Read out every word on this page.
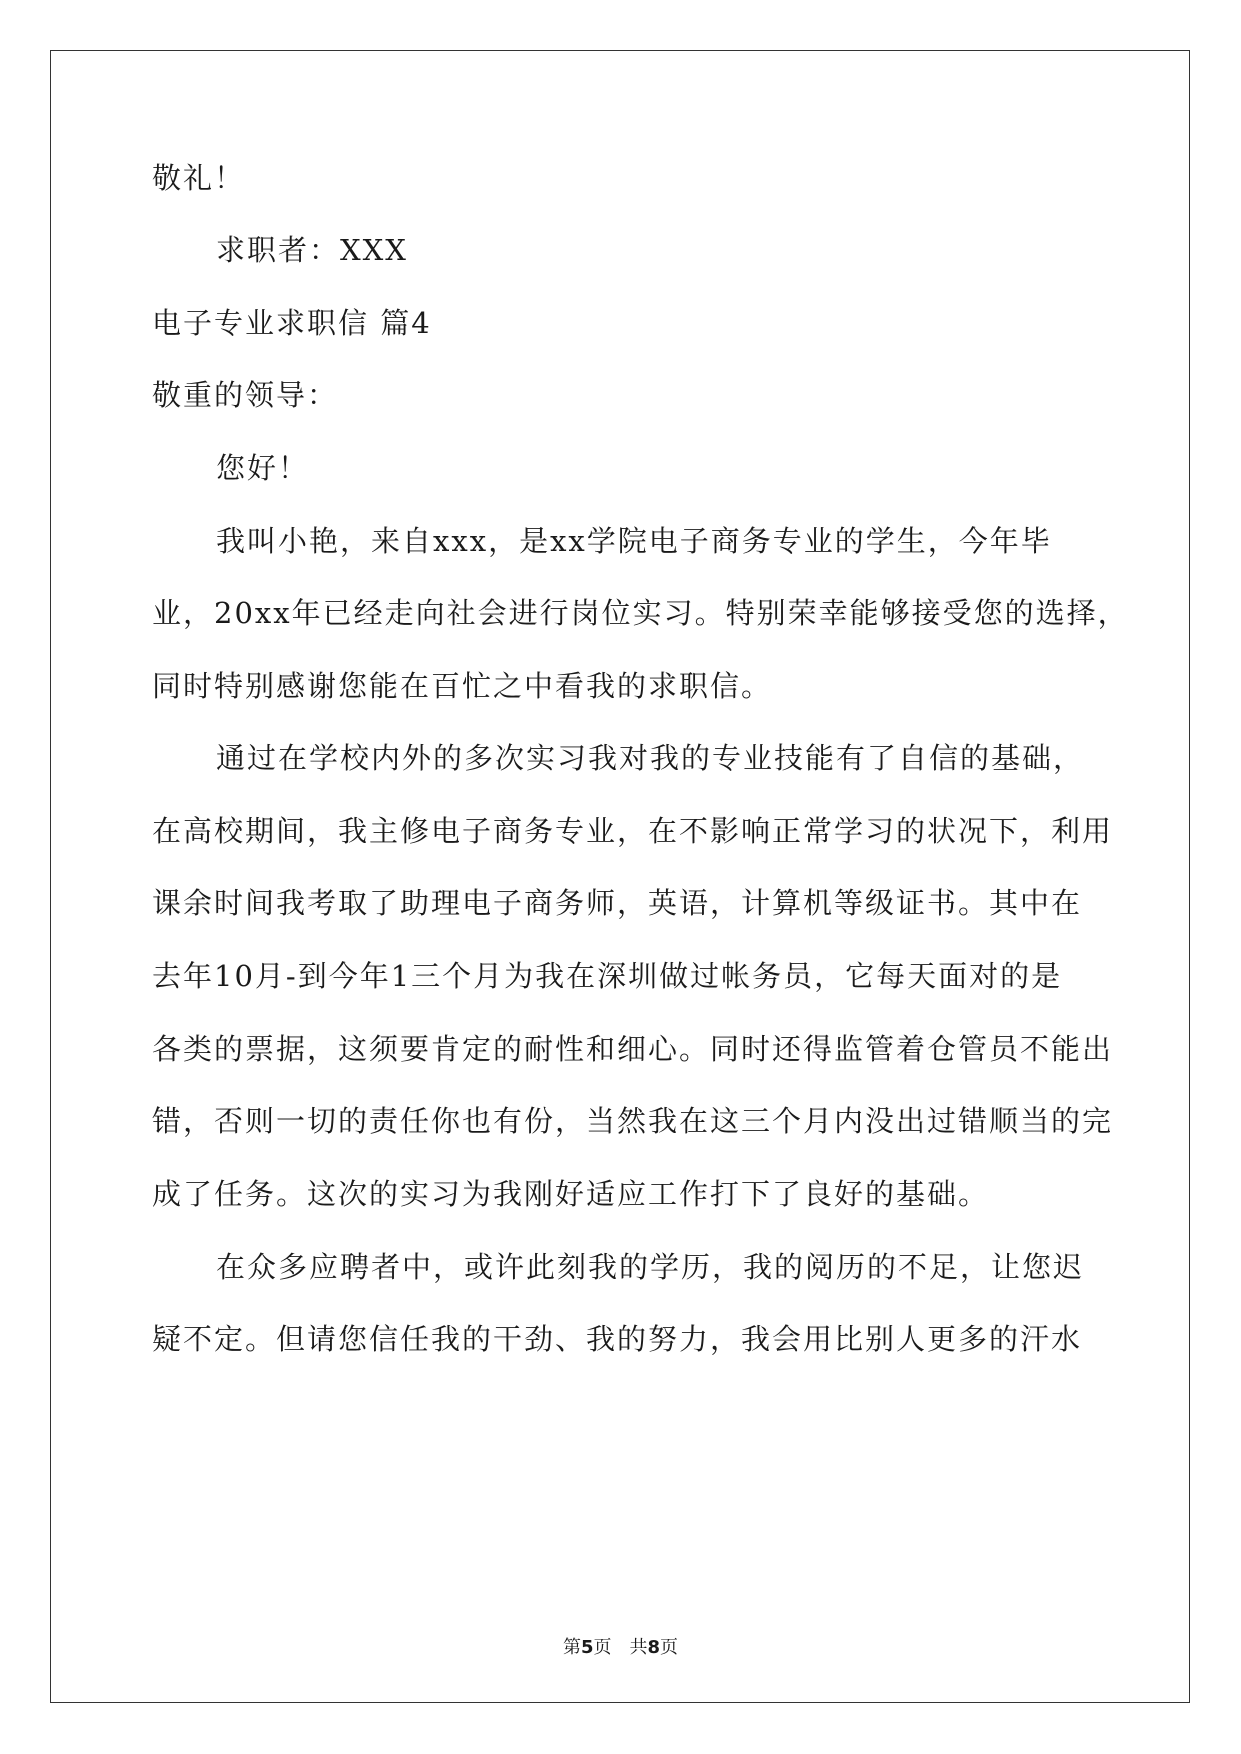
敬礼！
求职者：XXX
电子专业求职信 篇4
敬重的领导：
您好！
我叫小艳，来自xxx，是xx学院电子商务专业的学生，今年毕
业，20xx年已经走向社会进行岗位实习。特别荣幸能够接受您的选择，
同时特别感谢您能在百忙之中看我的求职信。
通过在学校内外的多次实习我对我的专业技能有了自信的基础，
在高校期间，我主修电子商务专业，在不影响正常学习的状况下，利用
课余时间我考取了助理电子商务师，英语，计算机等级证书。其中在
去年10月-到今年1三个月为我在深圳做过帐务员，它每天面对的是
各类的票据，这须要肯定的耐性和细心。同时还得监管着仓管员不能出
错，否则一切的责任你也有份，当然我在这三个月内没出过错顺当的完
成了任务。这次的实习为我刚好适应工作打下了良好的基础。
在众多应聘者中，或许此刻我的学历，我的阅历的不足，让您迟
疑不定。但请您信任我的干劲、我的努力，我会用比别人更多的汗水
第5页　共8页
